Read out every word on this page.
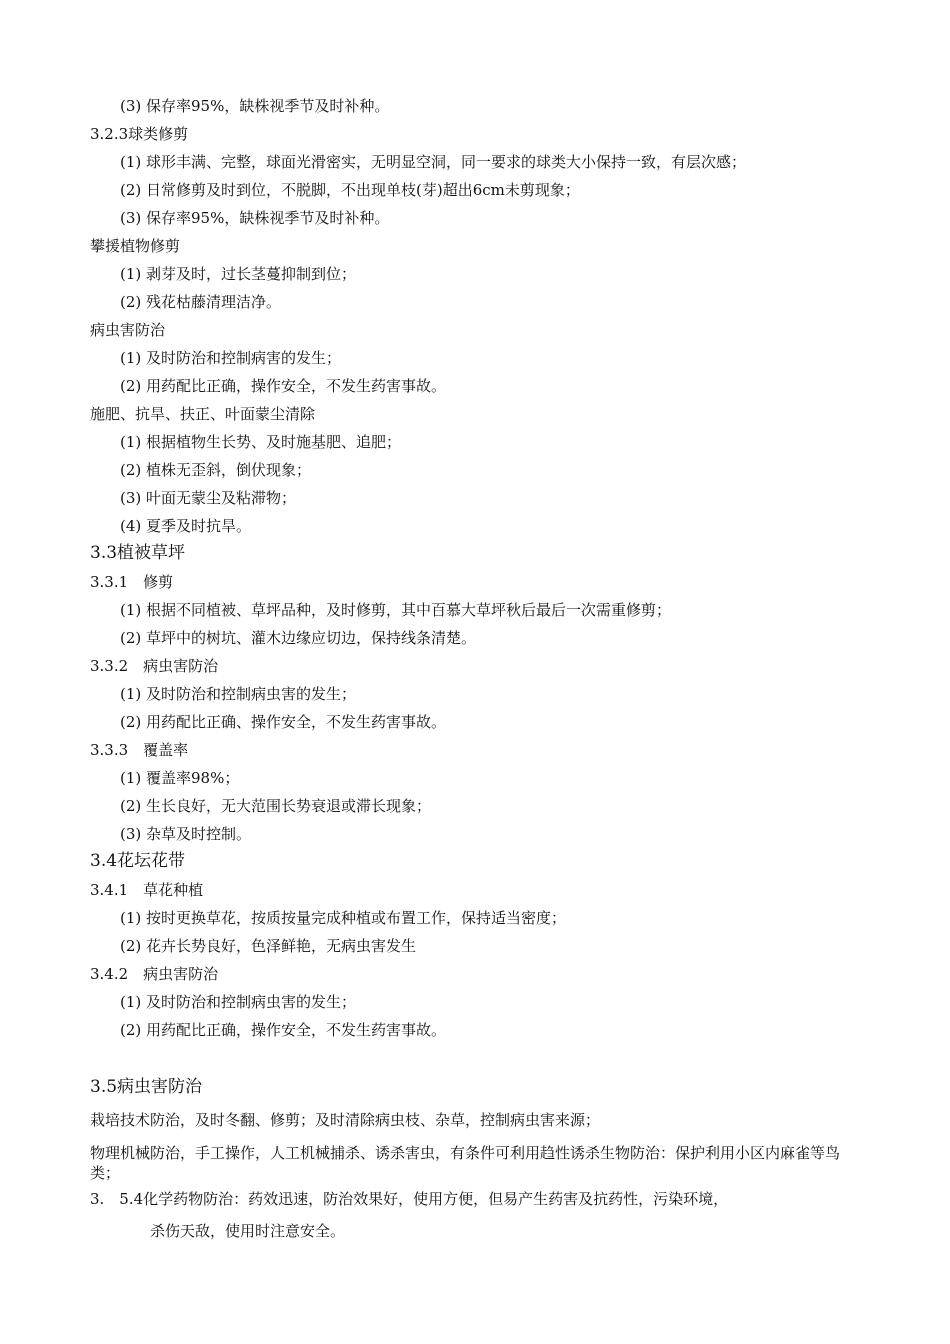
(3) 保存率95%，缺株视季节及时补种。
3.2.3球类修剪
(1) 球形丰满、完整，球面光滑密实，无明显空洞，同一要求的球类大小保持一致，有层次感；
(2) 日常修剪及时到位，不脱脚，不出现单枝(芽)超出6cm未剪现象；
(3) 保存率95%，缺株视季节及时补种。
攀援植物修剪
(1) 剥芽及时，过长茎蔓抑制到位；
(2) 残花枯藤清理洁净。
病虫害防治
(1) 及时防治和控制病害的发生；
(2) 用药配比正确，操作安全，不发生药害事故。
施肥、抗旱、扶正、叶面蒙尘清除
(1) 根据植物生长势、及时施基肥、追肥；
(2) 植株无歪斜，倒伏现象；
(3) 叶面无蒙尘及粘滞物；
(4) 夏季及时抗旱。
3.3植被草坪
3.3.1　修剪
(1) 根据不同植被、草坪品种，及时修剪，其中百慕大草坪秋后最后一次需重修剪；
(2) 草坪中的树坑、灌木边缘应切边，保持线条清楚。
3.3.2　病虫害防治
(1) 及时防治和控制病虫害的发生；
(2) 用药配比正确、操作安全，不发生药害事故。
3.3.3　覆盖率
(1) 覆盖率98%；
(2) 生长良好，无大范围长势衰退或滞长现象；
(3) 杂草及时控制。
3.4花坛花带
3.4.1　草花种植
(1) 按时更换草花，按质按量完成种植或布置工作，保持适当密度；
(2) 花卉长势良好，色泽鲜艳，无病虫害发生
3.4.2　病虫害防治
(1) 及时防治和控制病虫害的发生；
(2) 用药配比正确，操作安全，不发生药害事故。
3.5病虫害防治
栽培技术防治，及时冬翻、修剪；及时清除病虫枝、杂草，控制病虫害来源；
物理机械防治，手工操作，人工机械捕杀、诱杀害虫，有条件可利用趋性诱杀生物防治：保护利用小区内麻雀等鸟类；
3.　5.4化学药物防治：药效迅速，防治效果好，使用方便，但易产生药害及抗药性，污染环境，
杀伤天敌，使用时注意安全。
